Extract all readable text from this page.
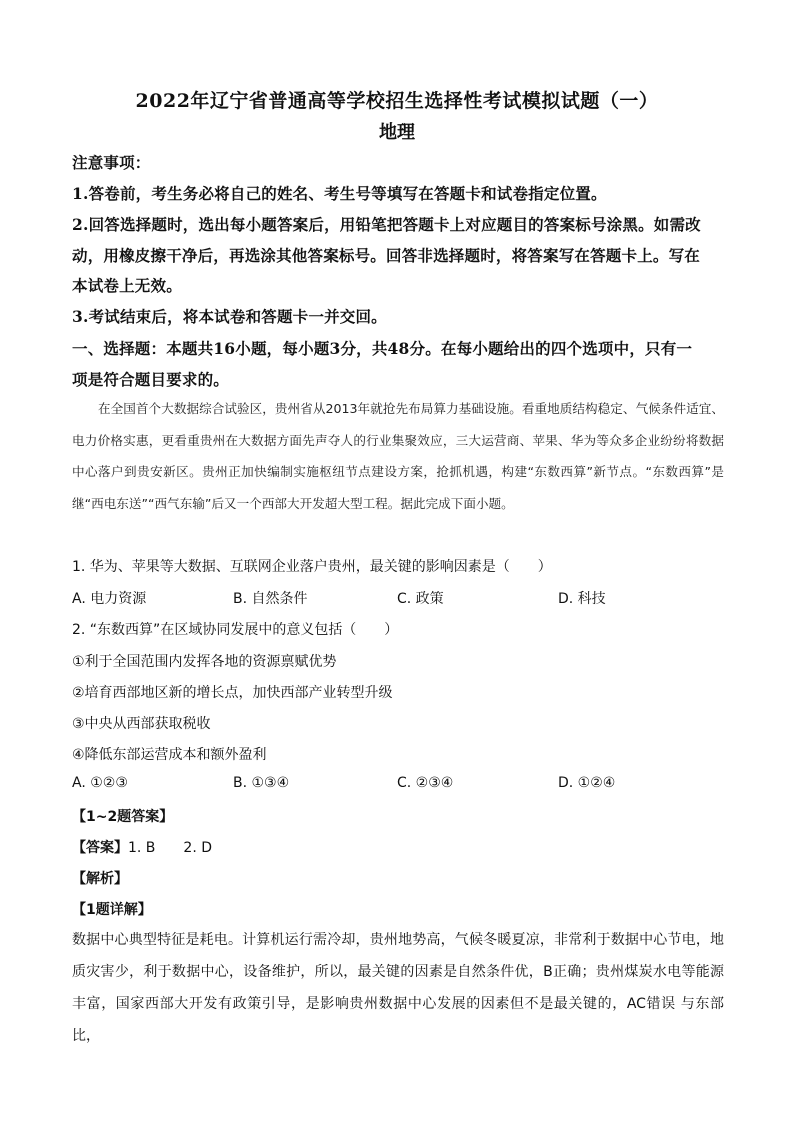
2022年辽宁省普通高等学校招生选择性考试模拟试题（一）
地理
注意事项：
1.答卷前，考生务必将自己的姓名、考生号等填写在答题卡和试卷指定位置。
2.回答选择题时，选出每小题答案后，用铅笔把答题卡上对应题目的答案标号涂黑。如需改
动，用橡皮擦干净后，再选涂其他答案标号。回答非选择题时，将答案写在答题卡上。写在
本试卷上无效。
3.考试结束后，将本试卷和答题卡一并交回。
一、选择题：本题共16小题，每小题3分，共48分。在每小题给出的四个选项中，只有一
项是符合题目要求的。
在全国首个大数据综合试验区，贵州省从2013年就抢先布局算力基础设施。看重地质结构稳定、气候条件适宜、电力价格实惠，更看重贵州在大数据方面先声夺人的行业集聚效应，三大运营商、苹果、华为等众多企业纷纷将数据中心落户到贵安新区。贵州正加快编制实施枢纽节点建设方案，抢抓机遇，构建“东数西算”新节点。“东数西算”是继“西电东送”“西气东输”后又一个西部大开发超大型工程。据此完成下面小题。
1. 华为、苹果等大数据、互联网企业落户贵州，最关键的影响因素是（　　）
A. 电力资源	B. 自然条件	C. 政策	D. 科技
2. “东数西算”在区域协同发展中的意义包括（　　）
①利于全国范围内发挥各地的资源禀赋优势
②培育西部地区新的增长点，加快西部产业转型升级
③中央从西部获取税收
④降低东部运营成本和额外盈利
A. ①②③	B. ①③④	C. ②③④	D. ①②④
【1~2题答案】
【答案】1. B　　2. D
【解析】
【1题详解】
数据中心典型特征是耗电。计算机运行需冷却，贵州地势高，气候冬暖夏凉，非常利于数据中心节电，地质灾害少，利于数据中心，设备维护，所以，最关键的因素是自然条件优，B正确；贵州煤炭水电等能源丰富，国家西部大开发有政策引导，是影响贵州数据中心发展的因素但不是最关键的，AC错误 与东部比，
